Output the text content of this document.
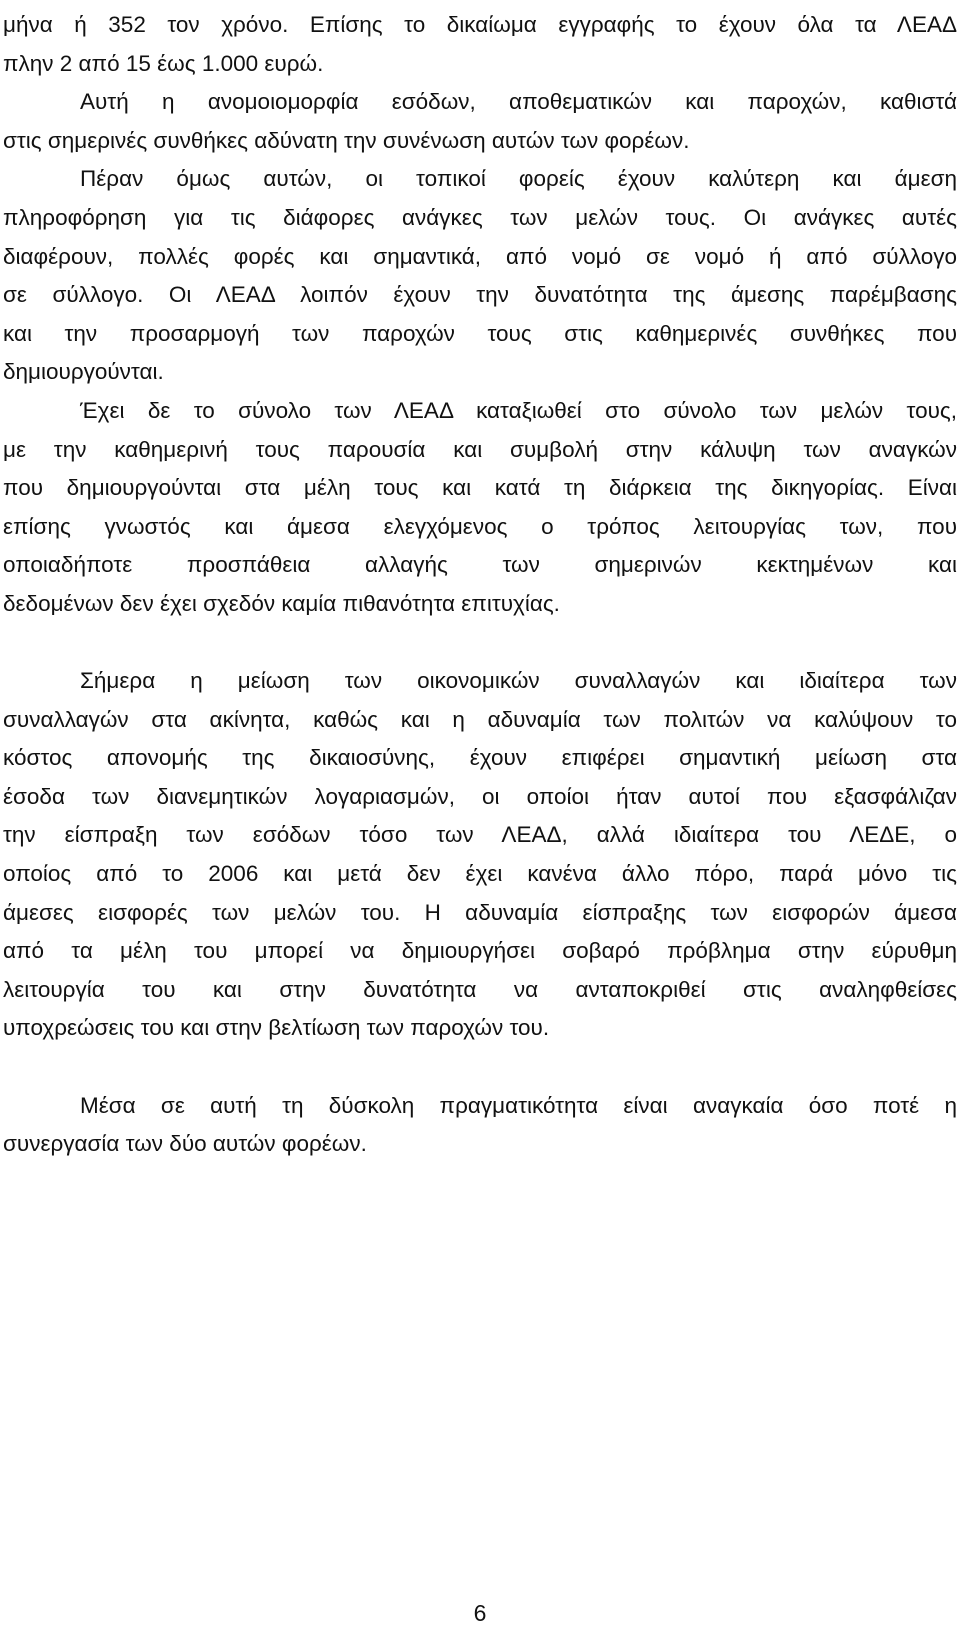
μήνα ή 352 τον χρόνο. Επίσης το δικαίωμα εγγραφής το έχουν όλα τα ΛΕΑΔ
πλην 2 από 15 έως 1.000 ευρώ.
Αυτή η ανομοιομορφία εσόδων, αποθεματικών και παροχών, καθιστά
στις σημερινές συνθήκες αδύνατη την συνένωση αυτών των φορέων.
Πέραν όμως αυτών, οι τοπικοί φορείς έχουν καλύτερη και άμεση
πληροφόρηση για τις διάφορες ανάγκες των μελών τους. Οι ανάγκες αυτές
διαφέρουν, πολλές φορές και σημαντικά, από νομό σε νομό ή από σύλλογο
σε σύλλογο. Οι ΛΕΑΔ λοιπόν έχουν την δυνατότητα της άμεσης παρέμβασης
και την προσαρμογή των παροχών τους στις καθημερινές συνθήκες που
δημιουργούνται.
Έχει δε το σύνολο των ΛΕΑΔ καταξιωθεί στο σύνολο των μελών τους,
με την καθημερινή τους παρουσία και συμβολή στην κάλυψη των αναγκών
που δημιουργούνται στα μέλη τους και κατά τη διάρκεια της δικηγορίας. Είναι
επίσης γνωστός και άμεσα ελεγχόμενος ο τρόπος λειτουργίας των, που
οποιαδήποτε προσπάθεια αλλαγής των σημερινών κεκτημένων και
δεδομένων δεν έχει σχεδόν καμία πιθανότητα επιτυχίας.
Σήμερα η μείωση των οικονομικών συναλλαγών και ιδιαίτερα των
συναλλαγών στα ακίνητα, καθώς και η αδυναμία των πολιτών να καλύψουν το
κόστος απονομής της δικαιοσύνης, έχουν επιφέρει σημαντική μείωση στα
έσοδα των διανεμητικών λογαριασμών, οι οποίοι ήταν αυτοί που εξασφάλιζαν
την είσπραξη των εσόδων τόσο των ΛΕΑΔ, αλλά ιδιαίτερα του ΛΕΔΕ, ο
οποίος από το 2006 και μετά δεν έχει κανένα άλλο πόρο, παρά μόνο τις
άμεσες εισφορές των μελών του. Η αδυναμία είσπραξης των εισφορών άμεσα
από τα μέλη του μπορεί να δημιουργήσει σοβαρό πρόβλημα στην εύρυθμη
λειτουργία του και στην δυνατότητα να ανταποκριθεί στις αναληφθείσες
υποχρεώσεις του και στην βελτίωση των παροχών του.
Μέσα σε αυτή τη δύσκολη πραγματικότητα είναι αναγκαία όσο ποτέ η
συνεργασία των δύο αυτών φορέων.
6
